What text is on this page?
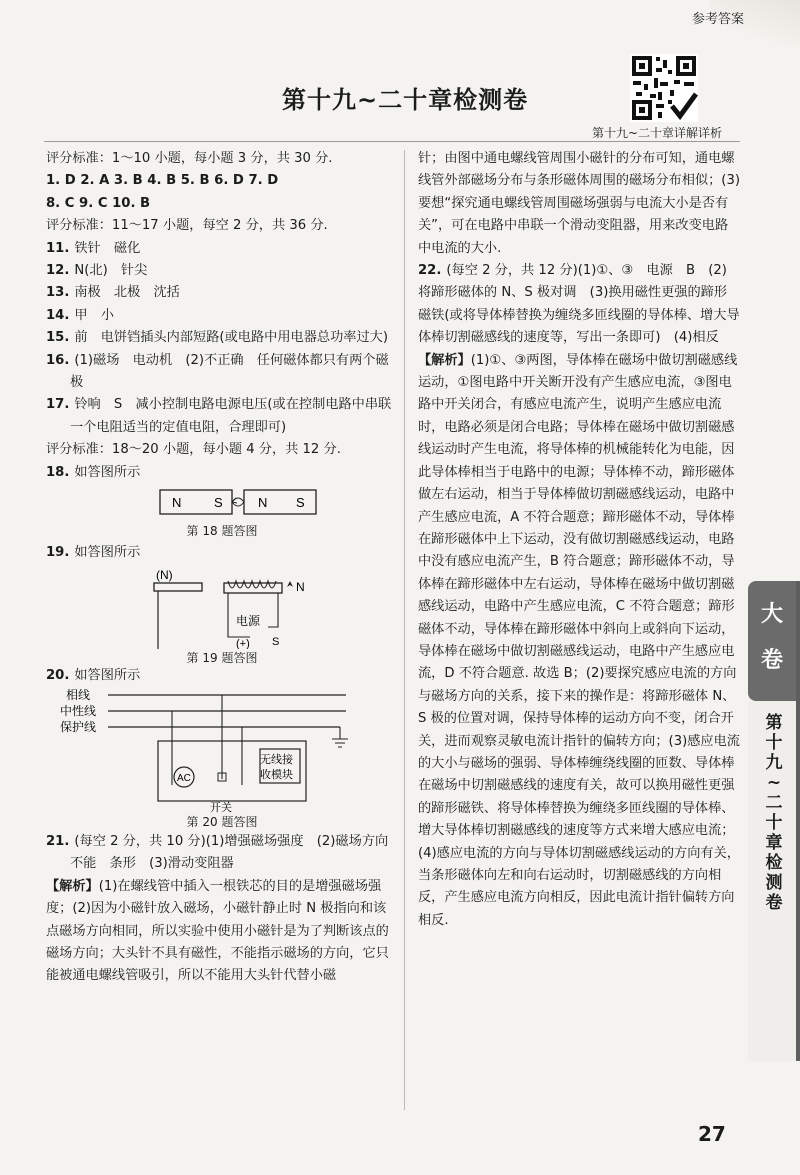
参考答案
第十九~二十章检测卷
第十九~二十章详解详析

评分标准：1～10 小题，每小题 3 分，共 30 分.

1. D 2. A 3. B 4. B 5. B 6. D 7. D

8. C 9. C 10. B

评分标准：11～17 小题，每空 2 分，共 36 分.

11. 铁针　磁化

12. N(北)　针尖

13. 南极　北极　沈括

14. 甲　小

15. 前　电饼铛插头内部短路(或电路中用电器总功率过大)

16. (1)磁场　电动机　(2)不正确　任何磁体都只有两个磁极

17. 铃响　S　减小控制电路电源电压(或在控制电路中串联一个电阻适当的定值电阻，合理即可)

评分标准：18～20 小题，每小题 4 分，共 12 分.

18. 如答图所示

N	S	N S
第 18 题答图

19. 如答图所示

(N)
N
电源
(+) S
第 19 题答图

20. 如答图所示

相线
中性线
保护线
AC
无线接
收模块
开关
第 20 题答图

21. (每空 2 分，共 10 分)(1)增强磁场强度　(2)磁场方向　不能　条形　(3)滑动变阻器

【解析】(1)在螺线管中插入一根铁芯的目的是增强磁场强度；(2)因为小磁针放入磁场，小磁针静止时 N 极指向和该点磁场方向相同，所以实验中使用小磁针是为了判断该点的磁场方向；大头针不具有磁性，不能指示磁场的方向，它只能被通电螺线管吸引，所以不能用大头针代替小磁

针；由图中通电螺线管周围小磁针的分布可知，通电螺线管外部磁场分布与条形磁体周围的磁场分布相似；(3)要想“探究通电螺线管周围磁场强弱与电流大小是否有关”，可在电路中串联一个滑动变阻器，用来改变电路中电流的大小.

22. (每空 2 分，共 12 分)(1)①、③　电源　B　(2)将蹄形磁体的 N、S 极对调　(3)换用磁性更强的蹄形磁铁(或将导体棒替换为缠绕多匝线圈的导体棒、增大导体棒切割磁感线的速度等，写出一条即可)　(4)相反

【解析】(1)①、③两图，导体棒在磁场中做切割磁感线运动，①图电路中开关断开没有产生感应电流，③图电路中开关闭合，有感应电流产生，说明产生感应电流时，电路必须是闭合电路；导体棒在磁场中做切割磁感线运动时产生电流，将导体棒的机械能转化为电能，因此导体棒相当于电路中的电源；导体棒不动，蹄形磁体做左右运动，相当于导体棒做切割磁感线运动，电路中产生感应电流，A 不符合题意；蹄形磁体不动，导体棒在蹄形磁体中上下运动，没有做切割磁感线运动，电路中没有感应电流产生，B 符合题意；蹄形磁体不动，导体棒在蹄形磁体中左右运动，导体棒在磁场中做切割磁感线运动，电路中产生感应电流，C 不符合题意；蹄形磁体不动，导体棒在蹄形磁体中斜向上或斜向下运动，导体棒在磁场中做切割磁感线运动，电路中产生感应电流，D 不符合题意. 故选 B；(2)要探究感应电流的方向与磁场方向的关系，接下来的操作是：将蹄形磁体 N、S 极的位置对调，保持导体棒的运动方向不变，闭合开关，进而观察灵敏电流计指针的偏转方向；(3)感应电流的大小与磁场的强弱、导体棒缠绕线圈的匝数、导体棒在磁场中切割磁感线的速度有关，故可以换用磁性更强的蹄形磁铁、将导体棒替换为缠绕多匝线圈的导体棒、增大导体棒切割磁感线的速度等方式来增大感应电流；(4)感应电流的方向与导体切割磁感线运动的方向有关，当条形磁体向左和向右运动时，切割磁感线的方向相反，产生感应电流方向相反，因此电流计指针偏转方向相反.

大
卷
第十九~二十章检测卷
27
